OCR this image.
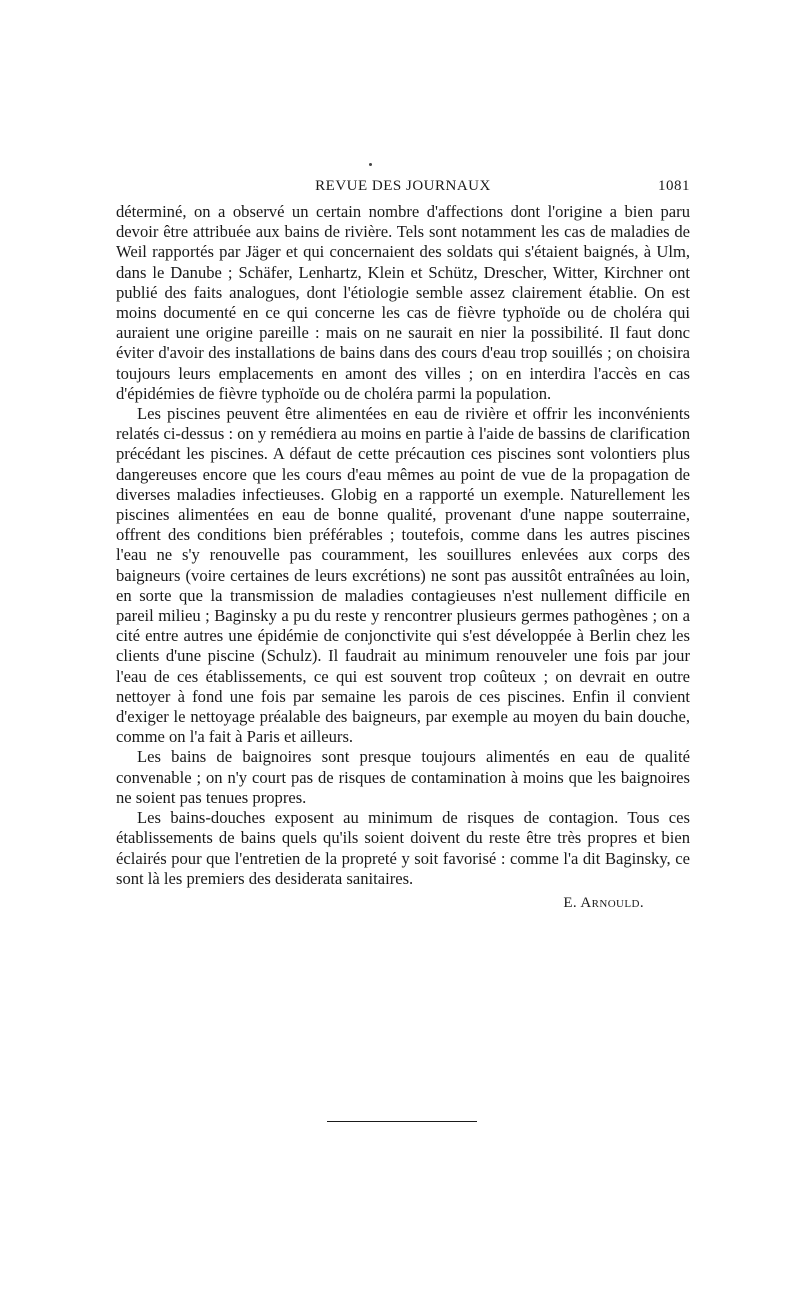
REVUE DES JOURNAUX	1081

déterminé, on a observé un certain nombre d'affections dont l'origine a bien paru devoir être attribuée aux bains de rivière. Tels sont notamment les cas de maladies de Weil rapportés par Jäger et qui concernaient des soldats qui s'étaient baignés, à Ulm, dans le Danube ; Schäfer, Lenhartz, Klein et Schütz, Drescher, Witter, Kirchner ont publié des faits analogues, dont l'étiologie semble assez clairement établie. On est moins documenté en ce qui concerne les cas de fièvre typhoïde ou de choléra qui auraient une origine pareille : mais on ne saurait en nier la possibilité. Il faut donc éviter d'avoir des installations de bains dans des cours d'eau trop souillés ; on choisira toujours leurs emplacements en amont des villes ; on en interdira l'accès en cas d'épidémies de fièvre typhoïde ou de choléra parmi la population.

Les piscines peuvent être alimentées en eau de rivière et offrir les inconvénients relatés ci-dessus : on y remédiera au moins en partie à l'aide de bassins de clarification précédant les piscines. A défaut de cette précaution ces piscines sont volontiers plus dangereuses encore que les cours d'eau mêmes au point de vue de la propagation de diverses maladies infectieuses. Globig en a rapporté un exemple. Naturellement les piscines alimentées en eau de bonne qualité, provenant d'une nappe souterraine, offrent des conditions bien préférables ; toutefois, comme dans les autres piscines l'eau ne s'y renouvelle pas couramment, les souillures enlevées aux corps des baigneurs (voire certaines de leurs excrétions) ne sont pas aussitôt entraînées au loin, en sorte que la transmission de maladies contagieuses n'est nullement difficile en pareil milieu ; Baginsky a pu du reste y rencontrer plusieurs germes pathogènes ; on a cité entre autres une épidémie de conjonctivite qui s'est développée à Berlin chez les clients d'une piscine (Schulz). Il faudrait au minimum renouveler une fois par jour l'eau de ces établissements, ce qui est souvent trop coûteux ; on devrait en outre nettoyer à fond une fois par semaine les parois de ces piscines. Enfin il convient d'exiger le nettoyage préalable des baigneurs, par exemple au moyen du bain douche, comme on l'a fait à Paris et ailleurs.

Les bains de baignoires sont presque toujours alimentés en eau de qualité convenable ; on n'y court pas de risques de contamination à moins que les baignoires ne soient pas tenues propres.

Les bains-douches exposent au minimum de risques de contagion. Tous ces établissements de bains quels qu'ils soient doivent du reste être très propres et bien éclairés pour que l'entretien de la propreté y soit favorisé : comme l'a dit Baginsky, ce sont là les premiers des desiderata sanitaires.

E. Arnould.
